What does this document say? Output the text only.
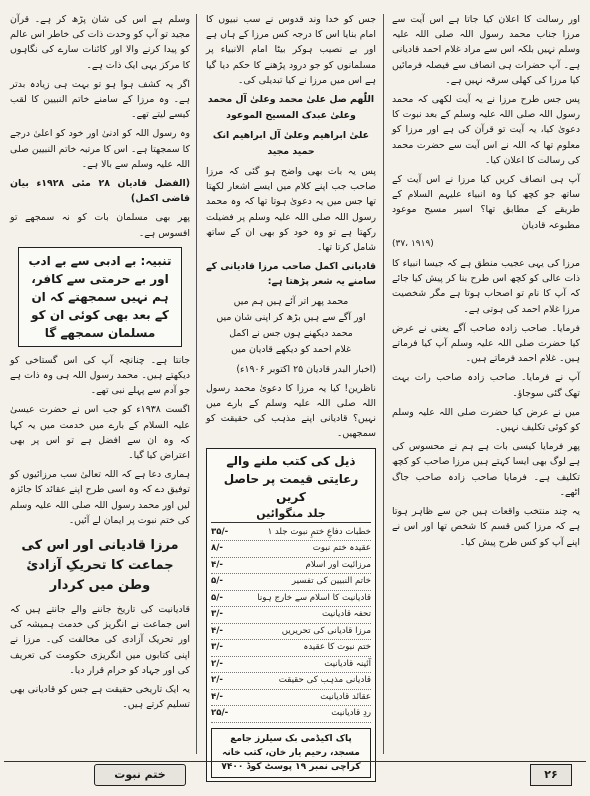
اور رسالت کا اعلان کیا جاتا ہے اس آیت سے مرزا جناب محمد رسول اللہ صلی اللہ علیہ وسلم نہیں بلکہ اس سے مراد غلام احمد قادیانی ہے۔ آپ حضرات ہی انصاف سے فیصلہ فرمائیں کیا مرزا کی کھلی سرقہ نہیں ہے۔

پس جس طرح مرزا نے یہ آیت لکھی کہ محمد رسول اللہ صلی اللہ علیہ وسلم کے بعد نبوت کا دعویٰ کیا، یہ آیت تو قرآن کی ہے اور مرزا کو معلوم تھا کہ اللہ نے اس آیت سے حضرت محمد کی رسالت کا اعلان کیا۔

آپ ہی انصاف کریں کیا مرزا نے اس آیت کے ساتھ جو کچھ کیا وہ انبیاء علیہم السلام کے طریقے کے مطابق تھا؟ اسیر مسیح موعود مطبوعہ قادیان

(۳۷، ۱۹۱۹)

مرزا کی یہی عجیب منطق ہے کہ جیسا انبیاء کا ذات عالی کو کچھ اس طرح بنا کر پیش کیا جائے کہ آپ کا نام تو اصحاب ہوتا ہے مگر شخصیت مرزا غلام احمد کی ہوتی ہے۔

فرمایا۔ صاحب زادہ صاحب آگے یعنی نے عرض کیا حضرت صلی اللہ علیہ وسلم آپ کیا فرماتے ہیں۔ غلام احمد فرماتے ہیں۔

آپ نے فرمایا۔ صاحب زادہ صاحب رات بہت تھک گئی سوجاؤ۔

میں نے عرض کیا حضرت صلی اللہ علیہ وسلم کو کوئی تکلیف نہیں۔

پھر فرمایا کیسی بات ہے ہم نے محسوس کی ہے لوگ بھی ایسا کہتے ہیں مرزا صاحب کو کچھ تکلیف ہے۔ فرمایا صاحب زادہ صاحب جاگ اٹھے۔

یہ چند منتخب واقعات ہیں جن سے ظاہر ہوتا ہے کہ مرزا کس قسم کا شخص تھا اور اس نے اپنے آپ کو کس طرح پیش کیا۔

جس کو خدا وند قدوس نے سب نبیوں کا امام بنایا اس کا درجہ کس مرزا کے ہاں ہے اور بے نصیب ہوکر بیٹا امام الانبیاء پر مسلمانوں کو جو درود پڑھنے کا حکم دیا گیا ہے اس میں مرزا نے کیا تبدیلی کی۔

اللّٰھم صل علیٰ محمد وعلیٰ آل محمد وعلیٰ عبدک المسیح الموعود

علیٰ ابراھیم وعلیٰ آل ابراھیم انک حمید مجید

پس یہ بات بھی واضح ہو گئی کہ مرزا صاحب جب اپنے کلام میں ایسے اشعار لکھتا تھا جس میں یہ دعویٰ ہوتا تھا کہ وہ محمد رسول اللہ صلی اللہ علیہ وسلم پر فضیلت رکھتا ہے تو وہ خود کو بھی ان کے ساتھ شامل کرتا تھا۔

قادیانی اکمل صاحب مرزا قادیانی کے سامنے یہ شعر پڑھتا ہے:

محمد پھر اتر آئے ہیں ہم میں
اور آگے سے ہیں بڑھ کر اپنی شان میں
محمد دیکھنے ہوں جس نے اکمل
غلام احمد کو دیکھے قادیان میں

(اخبار البدر قادیان ۲۵ اکتوبر ۱۹۰۶ء)

ناظرین! کیا یہ مرزا کا دعویٰ محمد رسول اللہ صلی اللہ علیہ وسلم کے بارے میں نہیں؟ قادیانی اپنے مذہب کی حقیقت کو سمجھیں۔

ذیل کی کتب ملنے والے رعایتی قیمت پر حاصل کریں
جلد منگوائیں
خطبات دفاعِ ختمِ نبوت جلد ۱
۳۵/-
عقیدہ ختم نبوت
۸/-
مرزائیت اور اسلام
۴/-
خاتم النبیین کی تفسیر
۵/-
قادیانیت کا اسلام سے خارج ہونا
۵/-
تحفہ قادیانیت
۳/-
مرزا قادیانی کی تحریریں
۴/-
ختم نبوت کا عقیدہ
۳/-
آئینہ قادیانیت
۲/-
قادیانی مذہب کی حقیقت
۲/-
عقائد قادیانیت
۴/-
ردِ قادیانیت
۲۵/-
پاک اکیڈمی بک سیلرز جامع مسجد، رحیم یار خان، کتب خانہ کراچی نمبر ۱۹ پوسٹ کوڈ ۷۴۰۰

وسلم ہے اس کی شان پڑھ کر ہے۔ قرآن مجید تو آپ کو وحدت ذات کی خاطر اس عالم کو پیدا کرنے والا اور کائنات سارے کی نگاہوں کا مرکز یہی ایک ذات ہے۔

اگر یہ کشف ہوا ہو تو بہت ہی زیادہ بدتر ہے۔ وہ مرزا کے سامنے خاتم النبیین کا لقب کیسے لیتے تھے۔

وہ رسول اللہ کو ادنیٰ اور خود کو اعلیٰ درجے کا سمجھتا ہے۔ اس کا مرتبہ خاتم النبیین صلی اللہ علیہ وسلم سے بالا ہے۔

(الفضل قادیان ۲۸ مئی ۱۹۲۸ء بیان قاضی اکمل)

پھر بھی مسلمان بات کو نہ سمجھے تو افسوس ہے۔

تنبیہ: بے ادبی سے بے ادب اور بے حرمتی سے کافر، ہم نہیں سمجھتے کہ ان کے بعد بھی کوئی ان کو مسلمان سمجھے گا

جانتا ہے۔ چنانچہ آپ کی اس گستاخی کو دیکھتے ہیں۔ محمد رسول اللہ ہی وہ ذات ہے جو آدم سے پہلے نبی تھے۔

اگست ۱۹۳۸ء کو جب اس نے حضرت عیسیٰ علیہ السلام کے بارے میں خدمت میں یہ کہا کہ وہ ان سے افضل ہے تو اس پر بھی اعتراض کیا گیا۔

ہماری دعا ہے کہ اللہ تعالیٰ سب مرزائیوں کو توفیق دے کہ وہ اسی طرح اپنے عقائد کا جائزہ لیں اور محمد رسول اللہ صلی اللہ علیہ وسلم کی ختم نبوت پر ایمان لے آئیں۔

مرزا قادیانی اور اس کی جماعت کا تحریکِ آزادیٔ وطن میں کردار

قادیانیت کی تاریخ جاننے والے جانتے ہیں کہ اس جماعت نے انگریز کی خدمت ہمیشہ کی اور تحریک آزادی کی مخالفت کی۔ مرزا نے اپنی کتابوں میں انگریزی حکومت کی تعریف کی اور جہاد کو حرام قرار دیا۔

یہ ایک تاریخی حقیقت ہے جس کو قادیانی بھی تسلیم کرتے ہیں۔

ختم نبوت	۲۶
